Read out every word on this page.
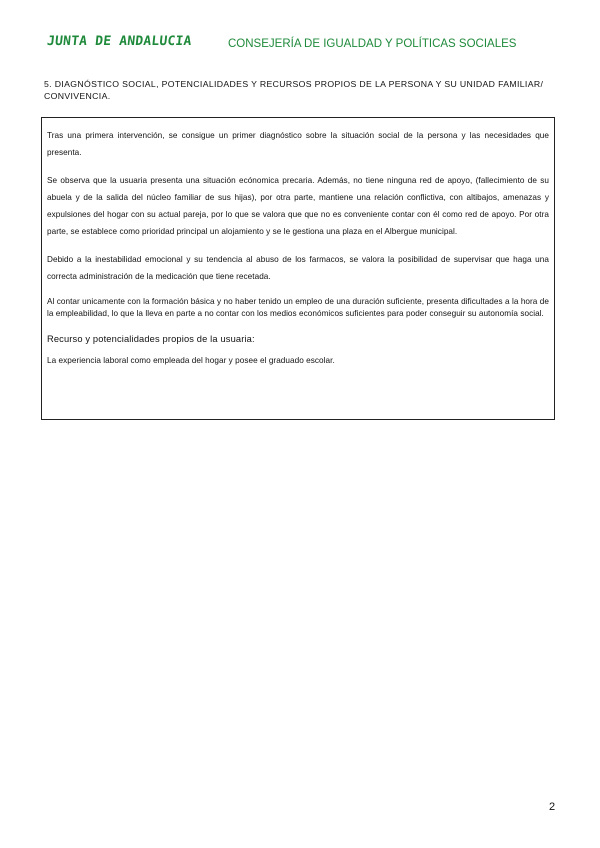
JUNTA DE ANDALUCIA	CONSEJERÍA DE IGUALDAD Y POLÍTICAS SOCIALES
5. DIAGNÓSTICO SOCIAL, POTENCIALIDADES Y RECURSOS PROPIOS DE LA PERSONA Y SU UNIDAD FAMILIAR/ CONVIVENCIA.

Tras una primera intervención, se consigue un primer diagnóstico sobre la situación social de la persona y las necesidades que presenta.

Se observa que la usuaria presenta una situación ecónomica precaria. Además, no tiene ninguna red de apoyo, (fallecimiento de su abuela y de la salida del núcleo familiar de sus hijas), por otra parte, mantiene una relación conflictiva, con altibajos, amenazas y expulsiones del hogar con su actual pareja, por lo que se valora que que no es conveniente contar con él como red de apoyo. Por otra parte, se establece como prioridad principal un alojamiento y se le gestiona una plaza en el Albergue municipal.

Debido a la inestabilidad emocional y su tendencia al abuso de los farmacos, se valora la posibilidad de supervisar que haga una correcta administración de la medicación que tiene recetada.

Al contar unicamente con la formación básica y no haber tenido un empleo de una duración suficiente, presenta dificultades a la hora de la empleabilidad, lo que la lleva en parte a no contar con los medios económicos suficientes para poder conseguir su autonomía social.

Recurso y potencialidades propios de la usuaria:

La experiencia laboral como empleada del hogar y posee el graduado escolar.

2
